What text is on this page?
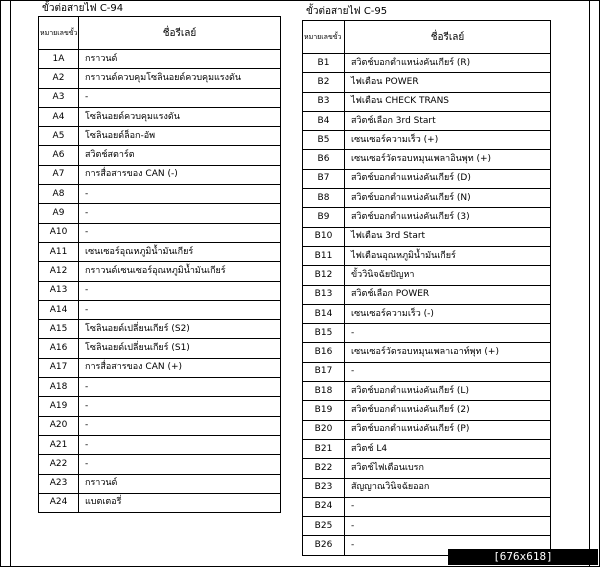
ขั้วต่อสายไฟ C-94
หมายเลขขั้ว	ชื่อรีเลย์
1A	กราวนด์
A2	กราวนด์ควบคุมโซลินอยด์ควบคุมแรงดัน
A3	-
A4	โซลินอยด์ควบคุมแรงดัน
A5	โซลินอยด์ล็อก-อัพ
A6	สวิตช์สตาร์ต
A7	การสื่อสารของ CAN (-)
A8	-
A9	-
A10	-
A11	เซนเซอร์อุณหภูมิน้ำมันเกียร์
A12	กราวนด์เซนเซอร์อุณหภูมิน้ำมันเกียร์
A13	-
A14	-
A15	โซลินอยด์เปลี่ยนเกียร์ (S2)
A16	โซลินอยด์เปลี่ยนเกียร์ (S1)
A17	การสื่อสารของ CAN (+)
A18	-
A19	-
A20	-
A21	-
A22	-
A23	กราวนด์
A24	แบตเตอรี่
ขั้วต่อสายไฟ C-95
หมายเลขขั้ว	ชื่อรีเลย์
B1	สวิตช์บอกตำแหน่งคันเกียร์ (R)
B2	ไฟเตือน POWER
B3	ไฟเตือน CHECK TRANS
B4	สวิตช์เลือก 3rd Start
B5	เซนเซอร์ความเร็ว (+)
B6	เซนเซอร์วัดรอบหมุนเพลาอินพุท (+)
B7	สวิตช์บอกตำแหน่งคันเกียร์ (D)
B8	สวิตช์บอกตำแหน่งคันเกียร์ (N)
B9	สวิตช์บอกตำแหน่งคันเกียร์ (3)
B10	ไฟเตือน 3rd Start
B11	ไฟเตือนอุณหภูมิน้ำมันเกียร์
B12	ขั้ววินิจฉัยปัญหา
B13	สวิตช์เลือก POWER
B14	เซนเซอร์ความเร็ว (-)
B15	-
B16	เซนเซอร์วัดรอบหมุนเพลาเอาท์พุท (+)
B17	-
B18	สวิตช์บอกตำแหน่งคันเกียร์ (L)
B19	สวิตช์บอกตำแหน่งคันเกียร์ (2)
B20	สวิตช์บอกตำแหน่งคันเกียร์ (P)
B21	สวิตช์ L4
B22	สวิตช์ไฟเตือนเบรก
B23	สัญญาณวินิจฉัยออก
B24	-
B25	-
B26	-
[676x618] https://upic.me/
